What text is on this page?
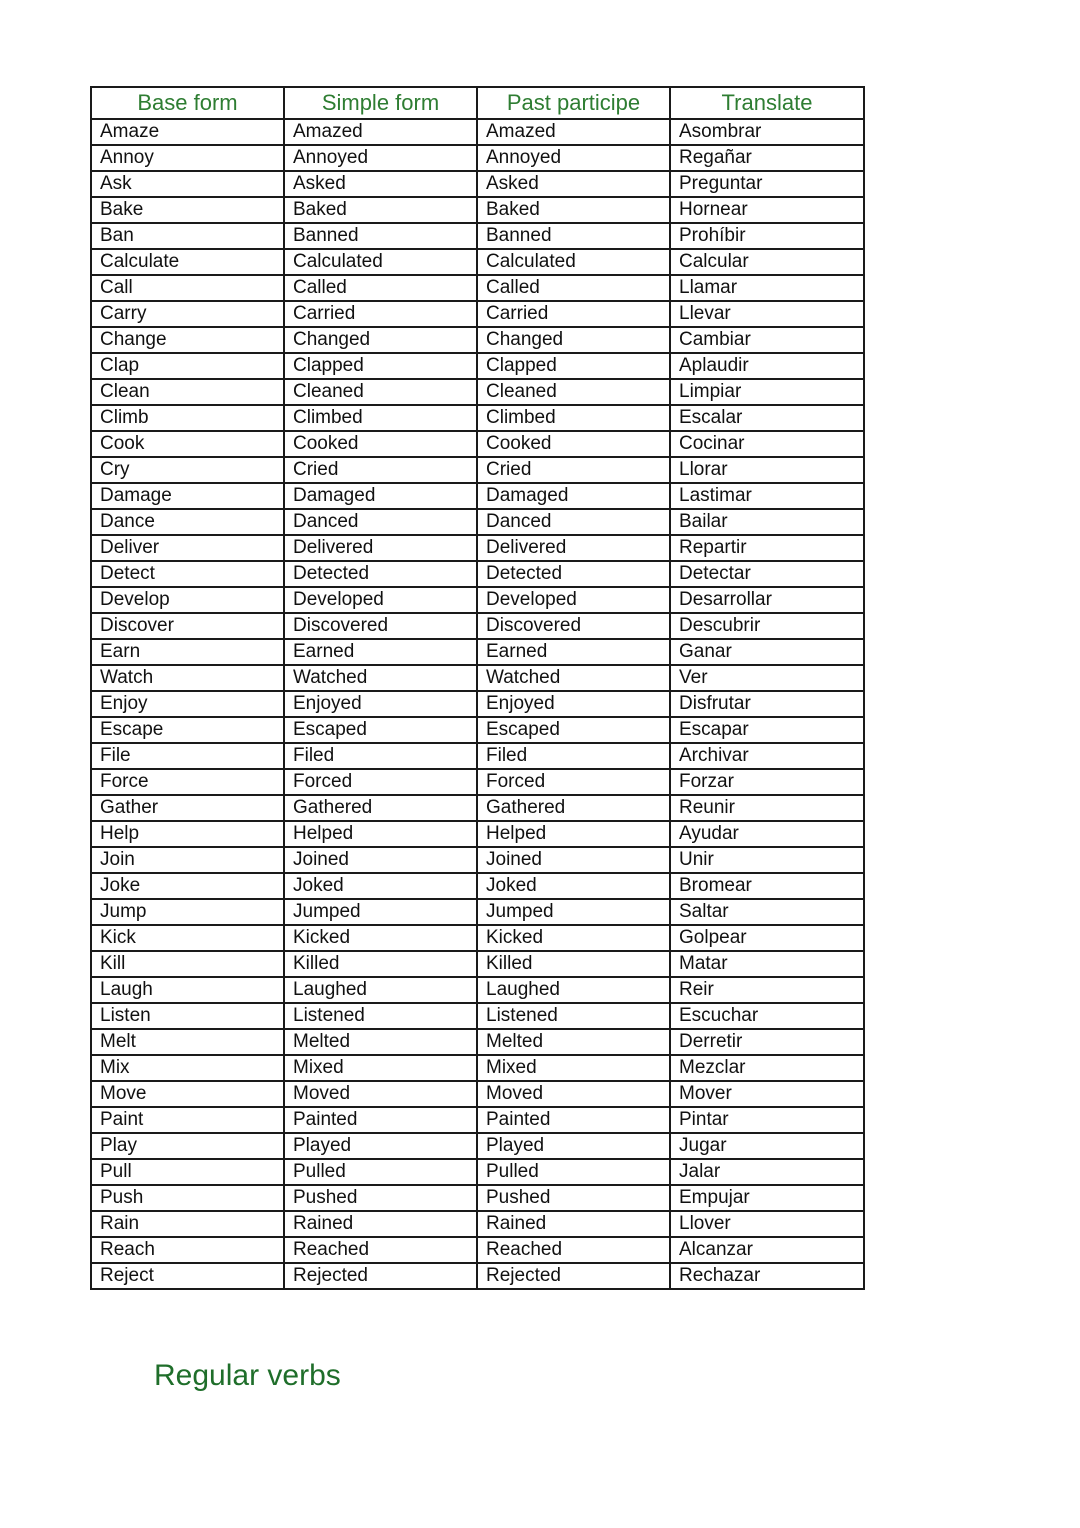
Base form	Simple form	Past participe	Translate
Amaze	Amazed	Amazed	Asombrar
Annoy	Annoyed	Annoyed	Regañar
Ask	Asked	Asked	Preguntar
Bake	Baked	Baked	Hornear
Ban	Banned	Banned	Prohíbir
Calculate	Calculated	Calculated	Calcular
Call	Called	Called	Llamar
Carry	Carried	Carried	Llevar
Change	Changed	Changed	Cambiar
Clap	Clapped	Clapped	Aplaudir
Clean	Cleaned	Cleaned	Limpiar
Climb	Climbed	Climbed	Escalar
Cook	Cooked	Cooked	Cocinar
Cry	Cried	Cried	Llorar
Damage	Damaged	Damaged	Lastimar
Dance	Danced	Danced	Bailar
Deliver	Delivered	Delivered	Repartir
Detect	Detected	Detected	Detectar
Develop	Developed	Developed	Desarrollar
Discover	Discovered	Discovered	Descubrir
Earn	Earned	Earned	Ganar
Watch	Watched	Watched	Ver
Enjoy	Enjoyed	Enjoyed	Disfrutar
Escape	Escaped	Escaped	Escapar
File	Filed	Filed	Archivar
Force	Forced	Forced	Forzar
Gather	Gathered	Gathered	Reunir
Help	Helped	Helped	Ayudar
Join	Joined	Joined	Unir
Joke	Joked	Joked	Bromear
Jump	Jumped	Jumped	Saltar
Kick	Kicked	Kicked	Golpear
Kill	Killed	Killed	Matar
Laugh	Laughed	Laughed	Reir
Listen	Listened	Listened	Escuchar
Melt	Melted	Melted	Derretir
Mix	Mixed	Mixed	Mezclar
Move	Moved	Moved	Mover
Paint	Painted	Painted	Pintar
Play	Played	Played	Jugar
Pull	Pulled	Pulled	Jalar
Push	Pushed	Pushed	Empujar
Rain	Rained	Rained	Llover
Reach	Reached	Reached	Alcanzar
Reject	Rejected	Rejected	Rechazar
Regular verbs
